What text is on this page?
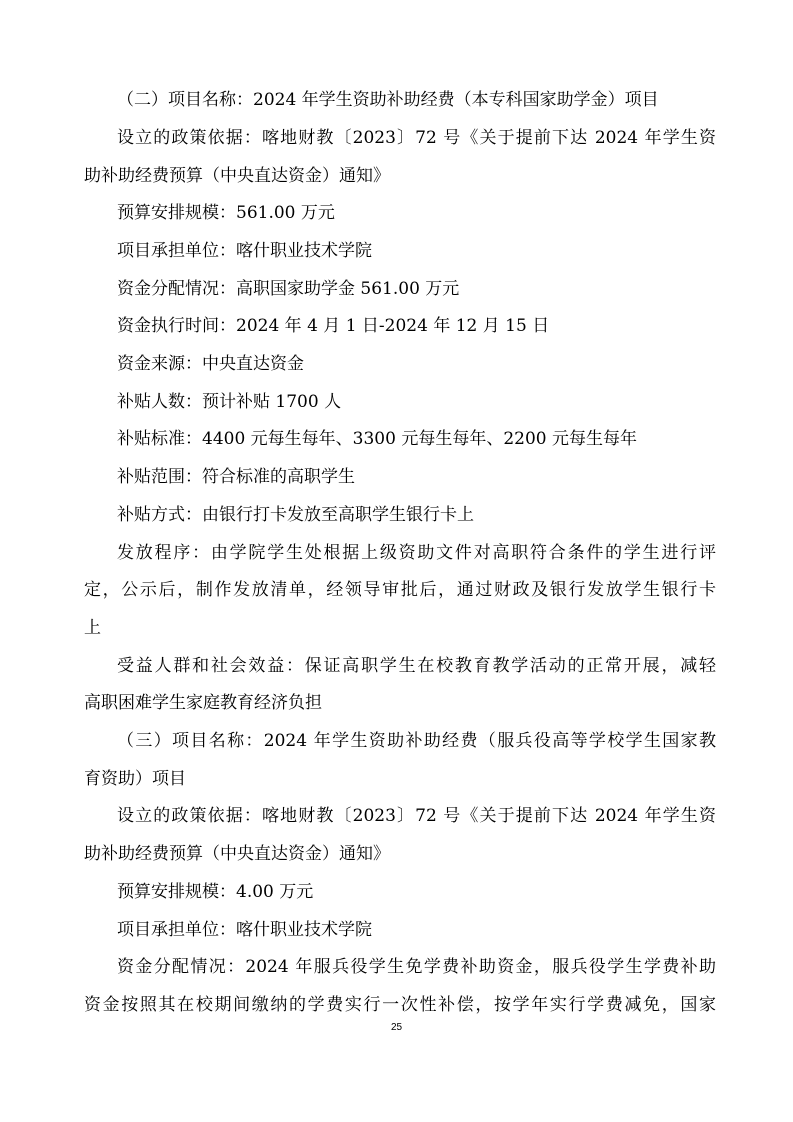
（二）项目名称：2024 年学生资助补助经费（本专科国家助学金）项目
设立的政策依据：喀地财教〔2023〕72 号《关于提前下达 2024 年学生资
助补助经费预算（中央直达资金）通知》
预算安排规模：561.00 万元
项目承担单位：喀什职业技术学院
资金分配情况：高职国家助学金 561.00 万元
资金执行时间：2024 年 4 月 1 日-2024 年 12 月 15 日
资金来源：中央直达资金
补贴人数：预计补贴 1700 人
补贴标准：4400 元每生每年、3300 元每生每年、2200 元每生每年
补贴范围：符合标准的高职学生
补贴方式：由银行打卡发放至高职学生银行卡上
发放程序：由学院学生处根据上级资助文件对高职符合条件的学生进行评
定，公示后，制作发放清单，经领导审批后，通过财政及银行发放学生银行卡
上
受益人群和社会效益：保证高职学生在校教育教学活动的正常开展，减轻
高职困难学生家庭教育经济负担
（三）项目名称：2024 年学生资助补助经费（服兵役高等学校学生国家教
育资助）项目
设立的政策依据：喀地财教〔2023〕72 号《关于提前下达 2024 年学生资
助补助经费预算（中央直达资金）通知》
预算安排规模：4.00 万元
项目承担单位：喀什职业技术学院
资金分配情况：2024 年服兵役学生免学费补助资金，服兵役学生学费补助
资金按照其在校期间缴纳的学费实行一次性补偿，按学年实行学费减免，国家
25
